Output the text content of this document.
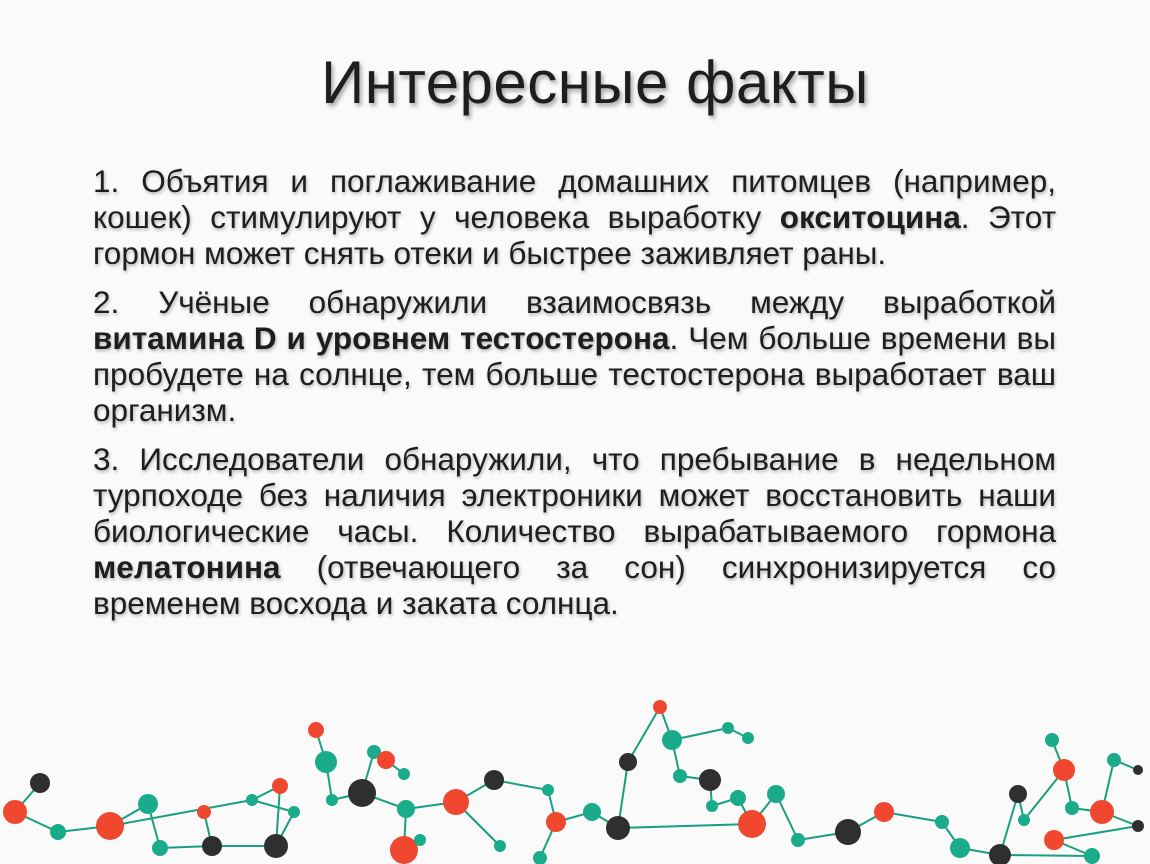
Интересные факты

1. Объятия и поглаживание домашних питомцев (например, кошек) стимулируют у человека выработку окситоцина. Этот гормон может снять отеки и быстрее заживляет раны.

2. Учёные обнаружили взаимосвязь между выработкой витамина D и уровнем тестостерона. Чем больше времени вы пробудете на солнце, тем больше тестостерона выработает ваш организм.

3. Исследователи обнаружили, что пребывание в недельном турпоходе без наличия электроники может восстановить наши биологические часы. Количество вырабатываемого гормона мелатонина (отвечающего за сон) синхронизируется со временем восхода и заката солнца.
